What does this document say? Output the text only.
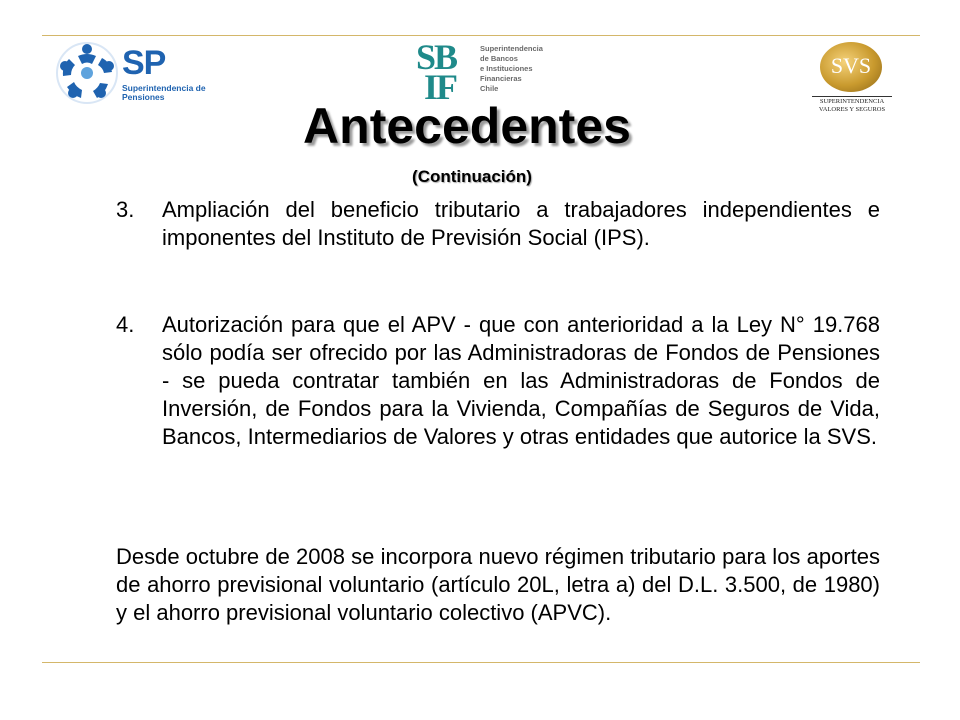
SP
Superintendencia de
Pensiones
SB
IF
Superintendencia
de Bancos
e Instituciones
Financieras
Chile
SVS
SUPERINTENDENCIA
VALORES Y SEGUROS
Antecedentes
(Continuación)
3.	Ampliación del beneficio tributario a trabajadores independientes e imponentes del Instituto de Previsión Social (IPS).
4.	Autorización para que el APV - que con anterioridad a la Ley N° 19.768 sólo podía ser ofrecido por las Administradoras de Fondos de Pensiones - se pueda contratar también en las Administradoras de Fondos de Inversión, de Fondos para la Vivienda, Compañías de Seguros de Vida, Bancos, Intermediarios de Valores y otras entidades que autorice la SVS.
Desde octubre de 2008 se incorpora nuevo régimen tributario para los aportes de ahorro previsional voluntario (artículo 20L, letra a) del D.L. 3.500, de 1980) y el ahorro previsional voluntario colectivo (APVC).
